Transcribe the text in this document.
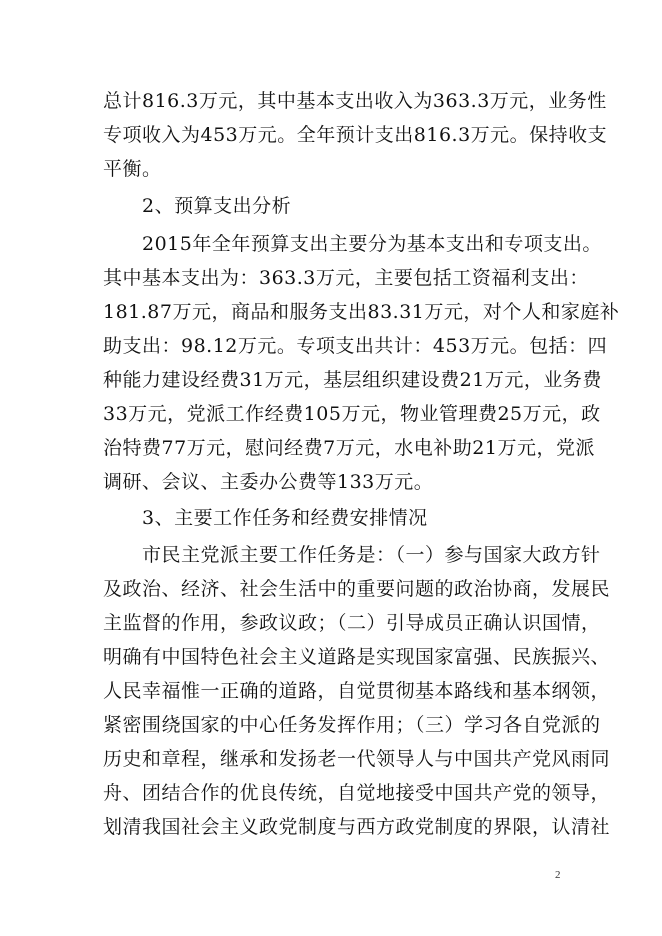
总计816.3万元，其中基本支出收入为363.3万元，业务性
专项收入为453万元。全年预计支出816.3万元。保持收支
平衡。
2、预算支出分析
2015年全年预算支出主要分为基本支出和专项支出。
其中基本支出为：363.3万元，主要包括工资福利支出：
181.87万元，商品和服务支出83.31万元，对个人和家庭补
助支出：98.12万元。专项支出共计：453万元。包括：四
种能力建设经费31万元，基层组织建设费21万元，业务费
33万元，党派工作经费105万元，物业管理费25万元，政
治特费77万元，慰问经费7万元，水电补助21万元，党派
调研、会议、主委办公费等133万元。
3、主要工作任务和经费安排情况
市民主党派主要工作任务是：（一）参与国家大政方针
及政治、经济、社会生活中的重要问题的政治协商，发展民
主监督的作用，参政议政；（二）引导成员正确认识国情，
明确有中国特色社会主义道路是实现国家富强、民族振兴、
人民幸福惟一正确的道路，自觉贯彻基本路线和基本纲领，
紧密围绕国家的中心任务发挥作用；（三）学习各自党派的
历史和章程，继承和发扬老一代领导人与中国共产党风雨同
舟、团结合作的优良传统，自觉地接受中国共产党的领导，
划清我国社会主义政党制度与西方政党制度的界限，认清社
2
